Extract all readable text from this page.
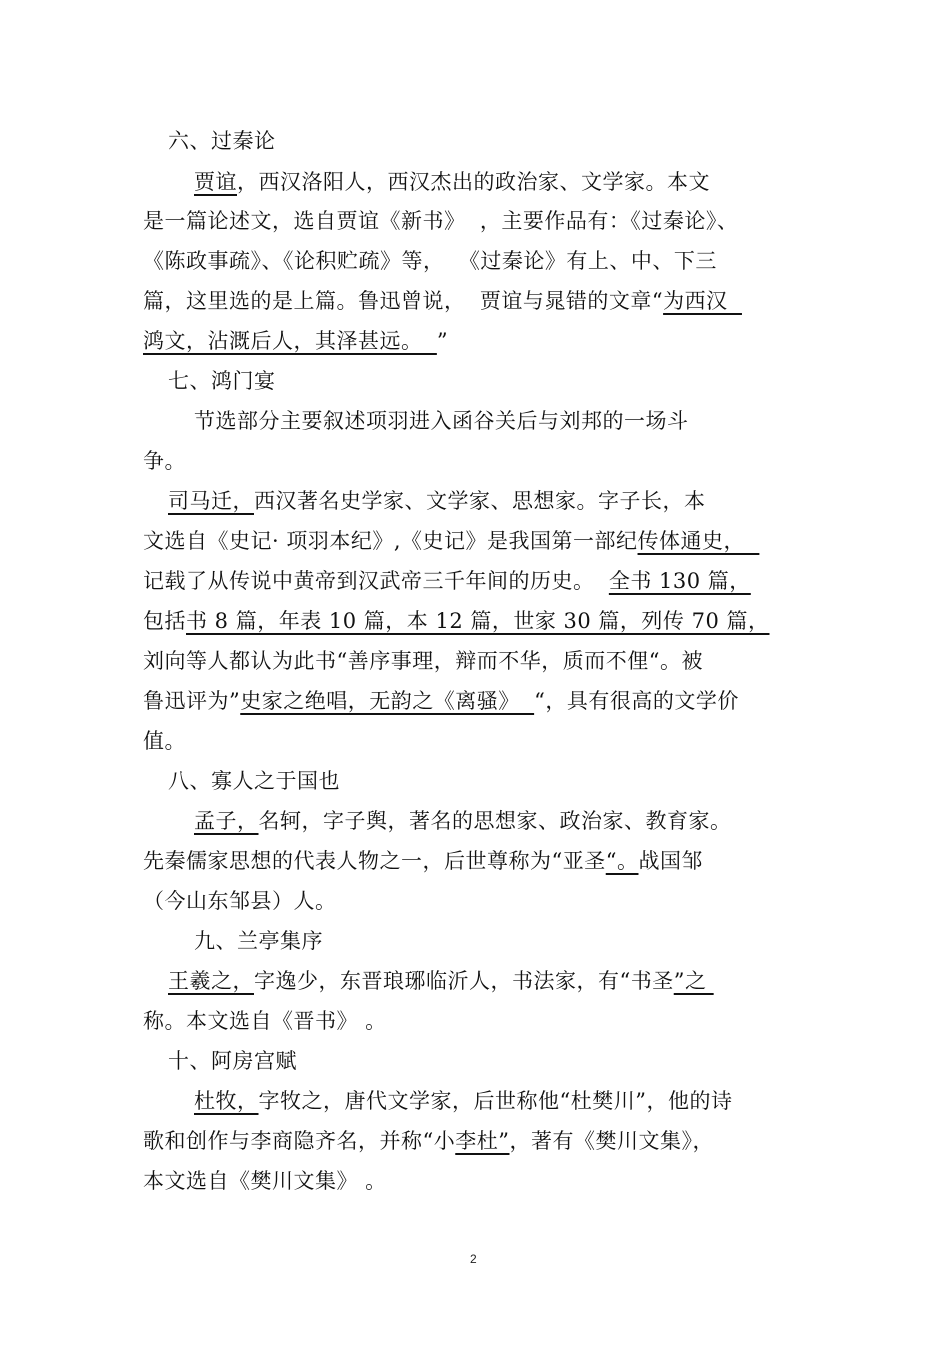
六、过秦论
贾谊，西汉洛阳人，西汉杰出的政治家、文学家。本文
是一篇论述文，选自贾谊《新书》  ，主要作品有：《过秦论》、
《陈政事疏》、《论积贮疏》等，  《过秦论》有上、中、下三
篇，这里选的是上篇。鲁迅曾说，  贾谊与晁错的文章“为西汉
鸿文，沾溉后人，其泽甚远。  ”
七、鸿门宴
节选部分主要叙述项羽进入函谷关后与刘邦的一场斗
争。
司马迁，西汉著名史学家、文学家、思想家。字子长，本
文选自《史记· 项羽本纪》,《史记》是我国第一部纪传体通史，
记载了从传说中黄帝到汉武帝三千年间的历史。  全书 130 篇，
包括书 8 篇，年表 10 篇，本 12 篇，世家 30 篇，列传 70 篇，
刘向等人都认为此书“善序事理，辩而不华，质而不俚“。被
鲁迅评为”史家之绝唱，无韵之《离骚》  “，具有很高的文学价
值。
八、寡人之于国也
孟子，名轲，字子舆，著名的思想家、政治家、教育家。
先秦儒家思想的代表人物之一，后世尊称为“亚圣“。战国邹
（今山东邹县）人。
九、兰亭集序
王羲之，字逸少，东晋琅琊临沂人，书法家，有“书圣”之
称。本文选自《晋书》 。
十、阿房宫赋
杜牧，字牧之，唐代文学家，后世称他“杜樊川”，他的诗
歌和创作与李商隐齐名，并称“小李杜”，著有《樊川文集》，
本文选自《樊川文集》 。
2
